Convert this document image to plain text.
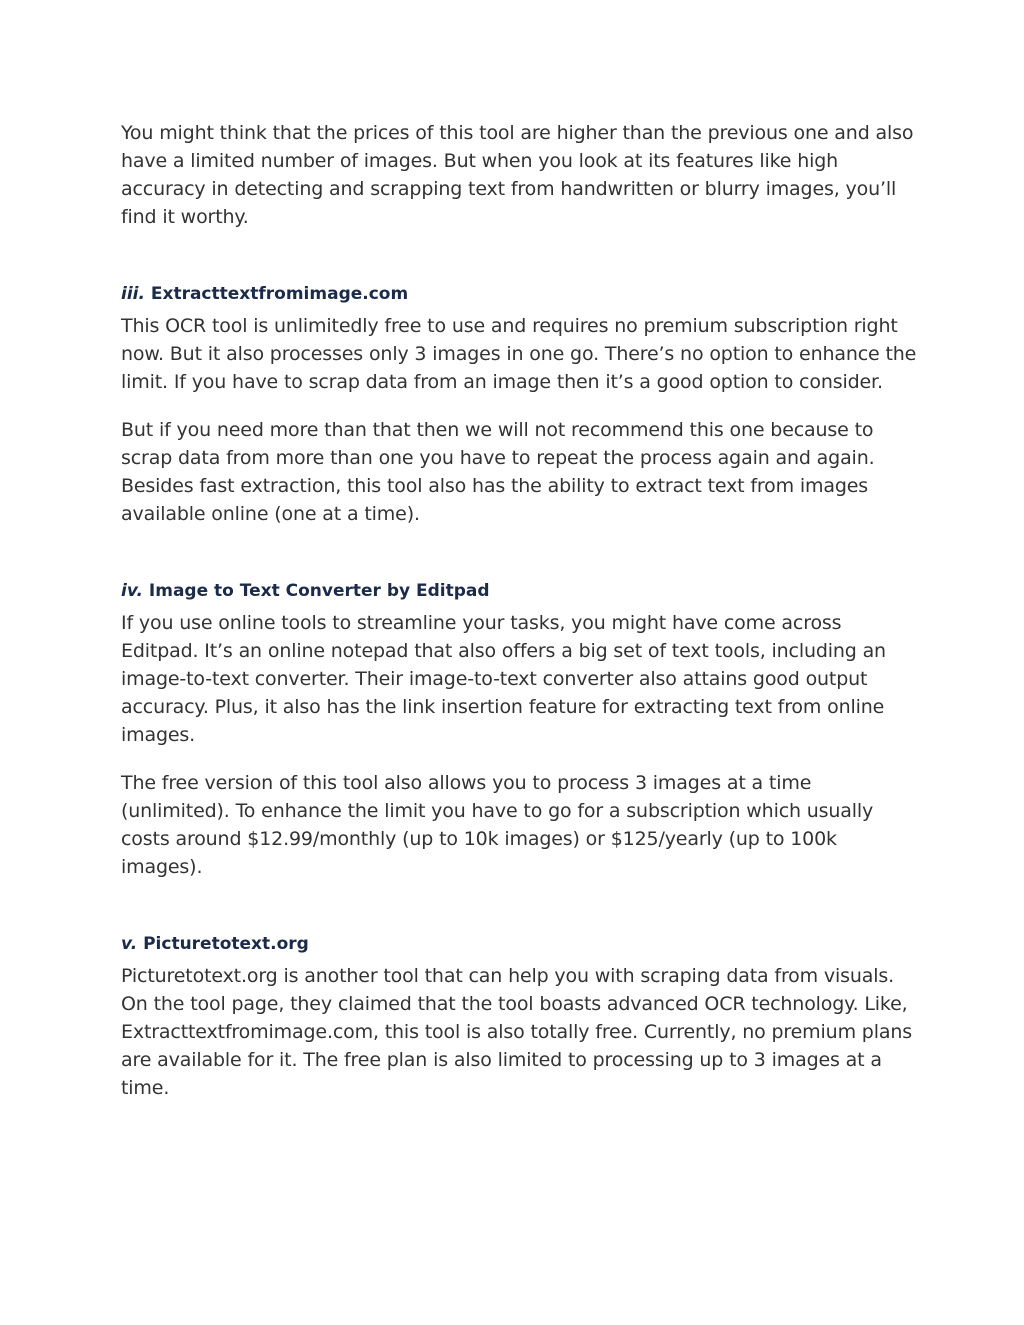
You might think that the prices of this tool are higher than the previous one and also have a limited number of images. But when you look at its features like high accuracy in detecting and scrapping text from handwritten or blurry images, you’ll find it worthy.

iii. Extracttextfromimage.com

This OCR tool is unlimitedly free to use and requires no premium subscription right now. But it also processes only 3 images in one go. There’s no option to enhance the limit. If you have to scrap data from an image then it’s a good option to consider.

But if you need more than that then we will not recommend this one because to scrap data from more than one you have to repeat the process again and again. Besides fast extraction, this tool also has the ability to extract text from images available online (one at a time).

iv. Image to Text Converter by Editpad

If you use online tools to streamline your tasks, you might have come across Editpad. It’s an online notepad that also offers a big set of text tools, including an image-to-text converter. Their image-to-text converter also attains good output accuracy. Plus, it also has the link insertion feature for extracting text from online images.

The free version of this tool also allows you to process 3 images at a time (unlimited). To enhance the limit you have to go for a subscription which usually costs around $12.99/monthly (up to 10k images) or $125/yearly (up to 100k images).

v. Picturetotext.org

Picturetotext.org is another tool that can help you with scraping data from visuals. On the tool page, they claimed that the tool boasts advanced OCR technology. Like, Extracttextfromimage.com, this tool is also totally free. Currently, no premium plans are available for it. The free plan is also limited to processing up to 3 images at a time.
